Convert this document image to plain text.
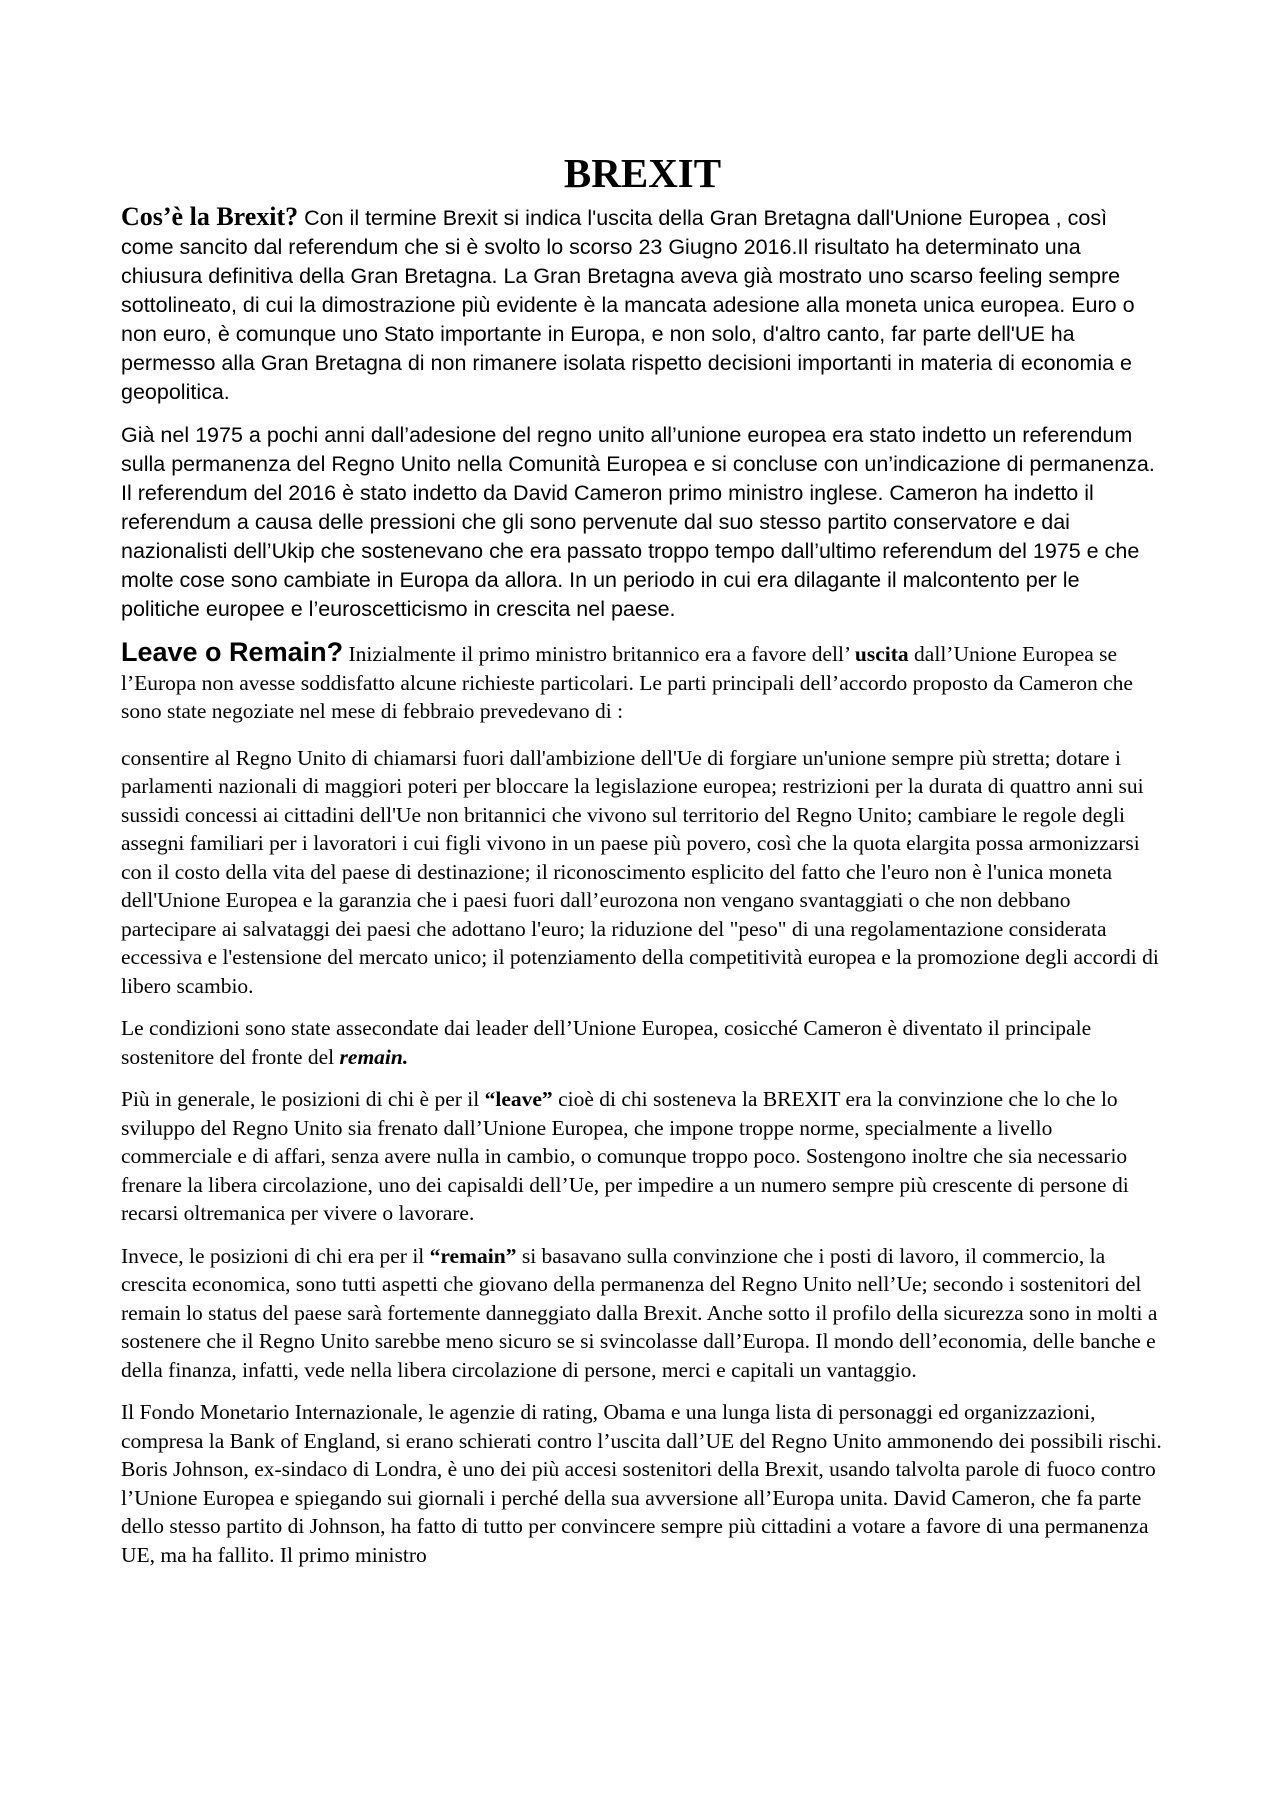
BREXIT

Cos’è la Brexit? Con il termine Brexit si indica l'uscita della Gran Bretagna dall'Unione Europea , così come sancito dal referendum che si è svolto lo scorso 23 Giugno 2016.Il risultato ha determinato una chiusura definitiva della Gran Bretagna. La Gran Bretagna aveva già mostrato uno scarso feeling sempre sottolineato, di cui la dimostrazione più evidente è la mancata adesione alla moneta unica europea. Euro o non euro, è comunque uno Stato importante in Europa, e non solo, d'altro canto, far parte dell'UE ha permesso alla Gran Bretagna di non rimanere isolata rispetto decisioni importanti in materia di economia e geopolitica.

Già nel 1975 a pochi anni dall’adesione del regno unito all’unione europea era stato indetto un referendum sulla permanenza del Regno Unito nella Comunità Europea e si concluse con un’indicazione di permanenza. Il referendum del 2016 è stato indetto da David Cameron primo ministro inglese. Cameron ha indetto il referendum a causa delle pressioni che gli sono pervenute dal suo stesso partito conservatore e dai nazionalisti dell’Ukip che sostenevano che era passato troppo tempo dall’ultimo referendum del 1975 e che molte cose sono cambiate in Europa da allora. In un periodo in cui era dilagante il malcontento per le politiche europee e l’euroscetticismo in crescita nel paese.

Leave o Remain? Inizialmente il primo ministro britannico era a favore dell’ uscita dall’Unione Europea se l’Europa non avesse soddisfatto alcune richieste particolari. Le parti principali dell’accordo proposto da Cameron che sono state negoziate nel mese di febbraio prevedevano di :

consentire al Regno Unito di chiamarsi fuori dall'ambizione dell'Ue di forgiare un'unione sempre più stretta; dotare i parlamenti nazionali di maggiori poteri per bloccare la legislazione europea; restrizioni per la durata di quattro anni sui sussidi concessi ai cittadini dell'Ue non britannici che vivono sul territorio del Regno Unito; cambiare le regole degli assegni familiari per i lavoratori i cui figli vivono in un paese più povero, così che la quota elargita possa armonizzarsi con il costo della vita del paese di destinazione; il riconoscimento esplicito del fatto che l'euro non è l'unica moneta dell'Unione Europea e la garanzia che i paesi fuori dall’eurozona non vengano svantaggiati o che non debbano partecipare ai salvataggi dei paesi che adottano l'euro; la riduzione del "peso" di una regolamentazione considerata eccessiva e l'estensione del mercato unico; il potenziamento della competitività europea e la promozione degli accordi di libero scambio.

Le condizioni sono state assecondate dai leader dell’Unione Europea, cosicché Cameron è diventato il principale sostenitore del fronte del remain.

Più in generale, le posizioni di chi è per il “leave” cioè di chi sosteneva la BREXIT era la convinzione che lo che lo sviluppo del Regno Unito sia frenato dall’Unione Europea, che impone troppe norme, specialmente a livello commerciale e di affari, senza avere nulla in cambio, o comunque troppo poco. Sostengono inoltre che sia necessario frenare la libera circolazione, uno dei capisaldi dell’Ue, per impedire a un numero sempre più crescente di persone di recarsi oltremanica per vivere o lavorare.

Invece, le posizioni di chi era per il “remain” si basavano sulla convinzione che i posti di lavoro, il commercio, la crescita economica, sono tutti aspetti che giovano della permanenza del Regno Unito nell’Ue; secondo i sostenitori del remain lo status del paese sarà fortemente danneggiato dalla Brexit. Anche sotto il profilo della sicurezza sono in molti a sostenere che il Regno Unito sarebbe meno sicuro se si svincolasse dall’Europa. Il mondo dell’economia, delle banche e della finanza, infatti, vede nella libera circolazione di persone, merci e capitali un vantaggio.

Il Fondo Monetario Internazionale, le agenzie di rating, Obama e una lunga lista di personaggi ed organizzazioni, compresa la Bank of England, si erano schierati contro l’uscita dall’UE del Regno Unito ammonendo dei possibili rischi. Boris Johnson, ex-sindaco di Londra, è uno dei più accesi sostenitori della Brexit, usando talvolta parole di fuoco contro l’Unione Europea e spiegando sui giornali i perché della sua avversione all’Europa unita. David Cameron, che fa parte dello stesso partito di Johnson, ha fatto di tutto per convincere sempre più cittadini a votare a favore di una permanenza UE, ma ha fallito. Il primo ministro
